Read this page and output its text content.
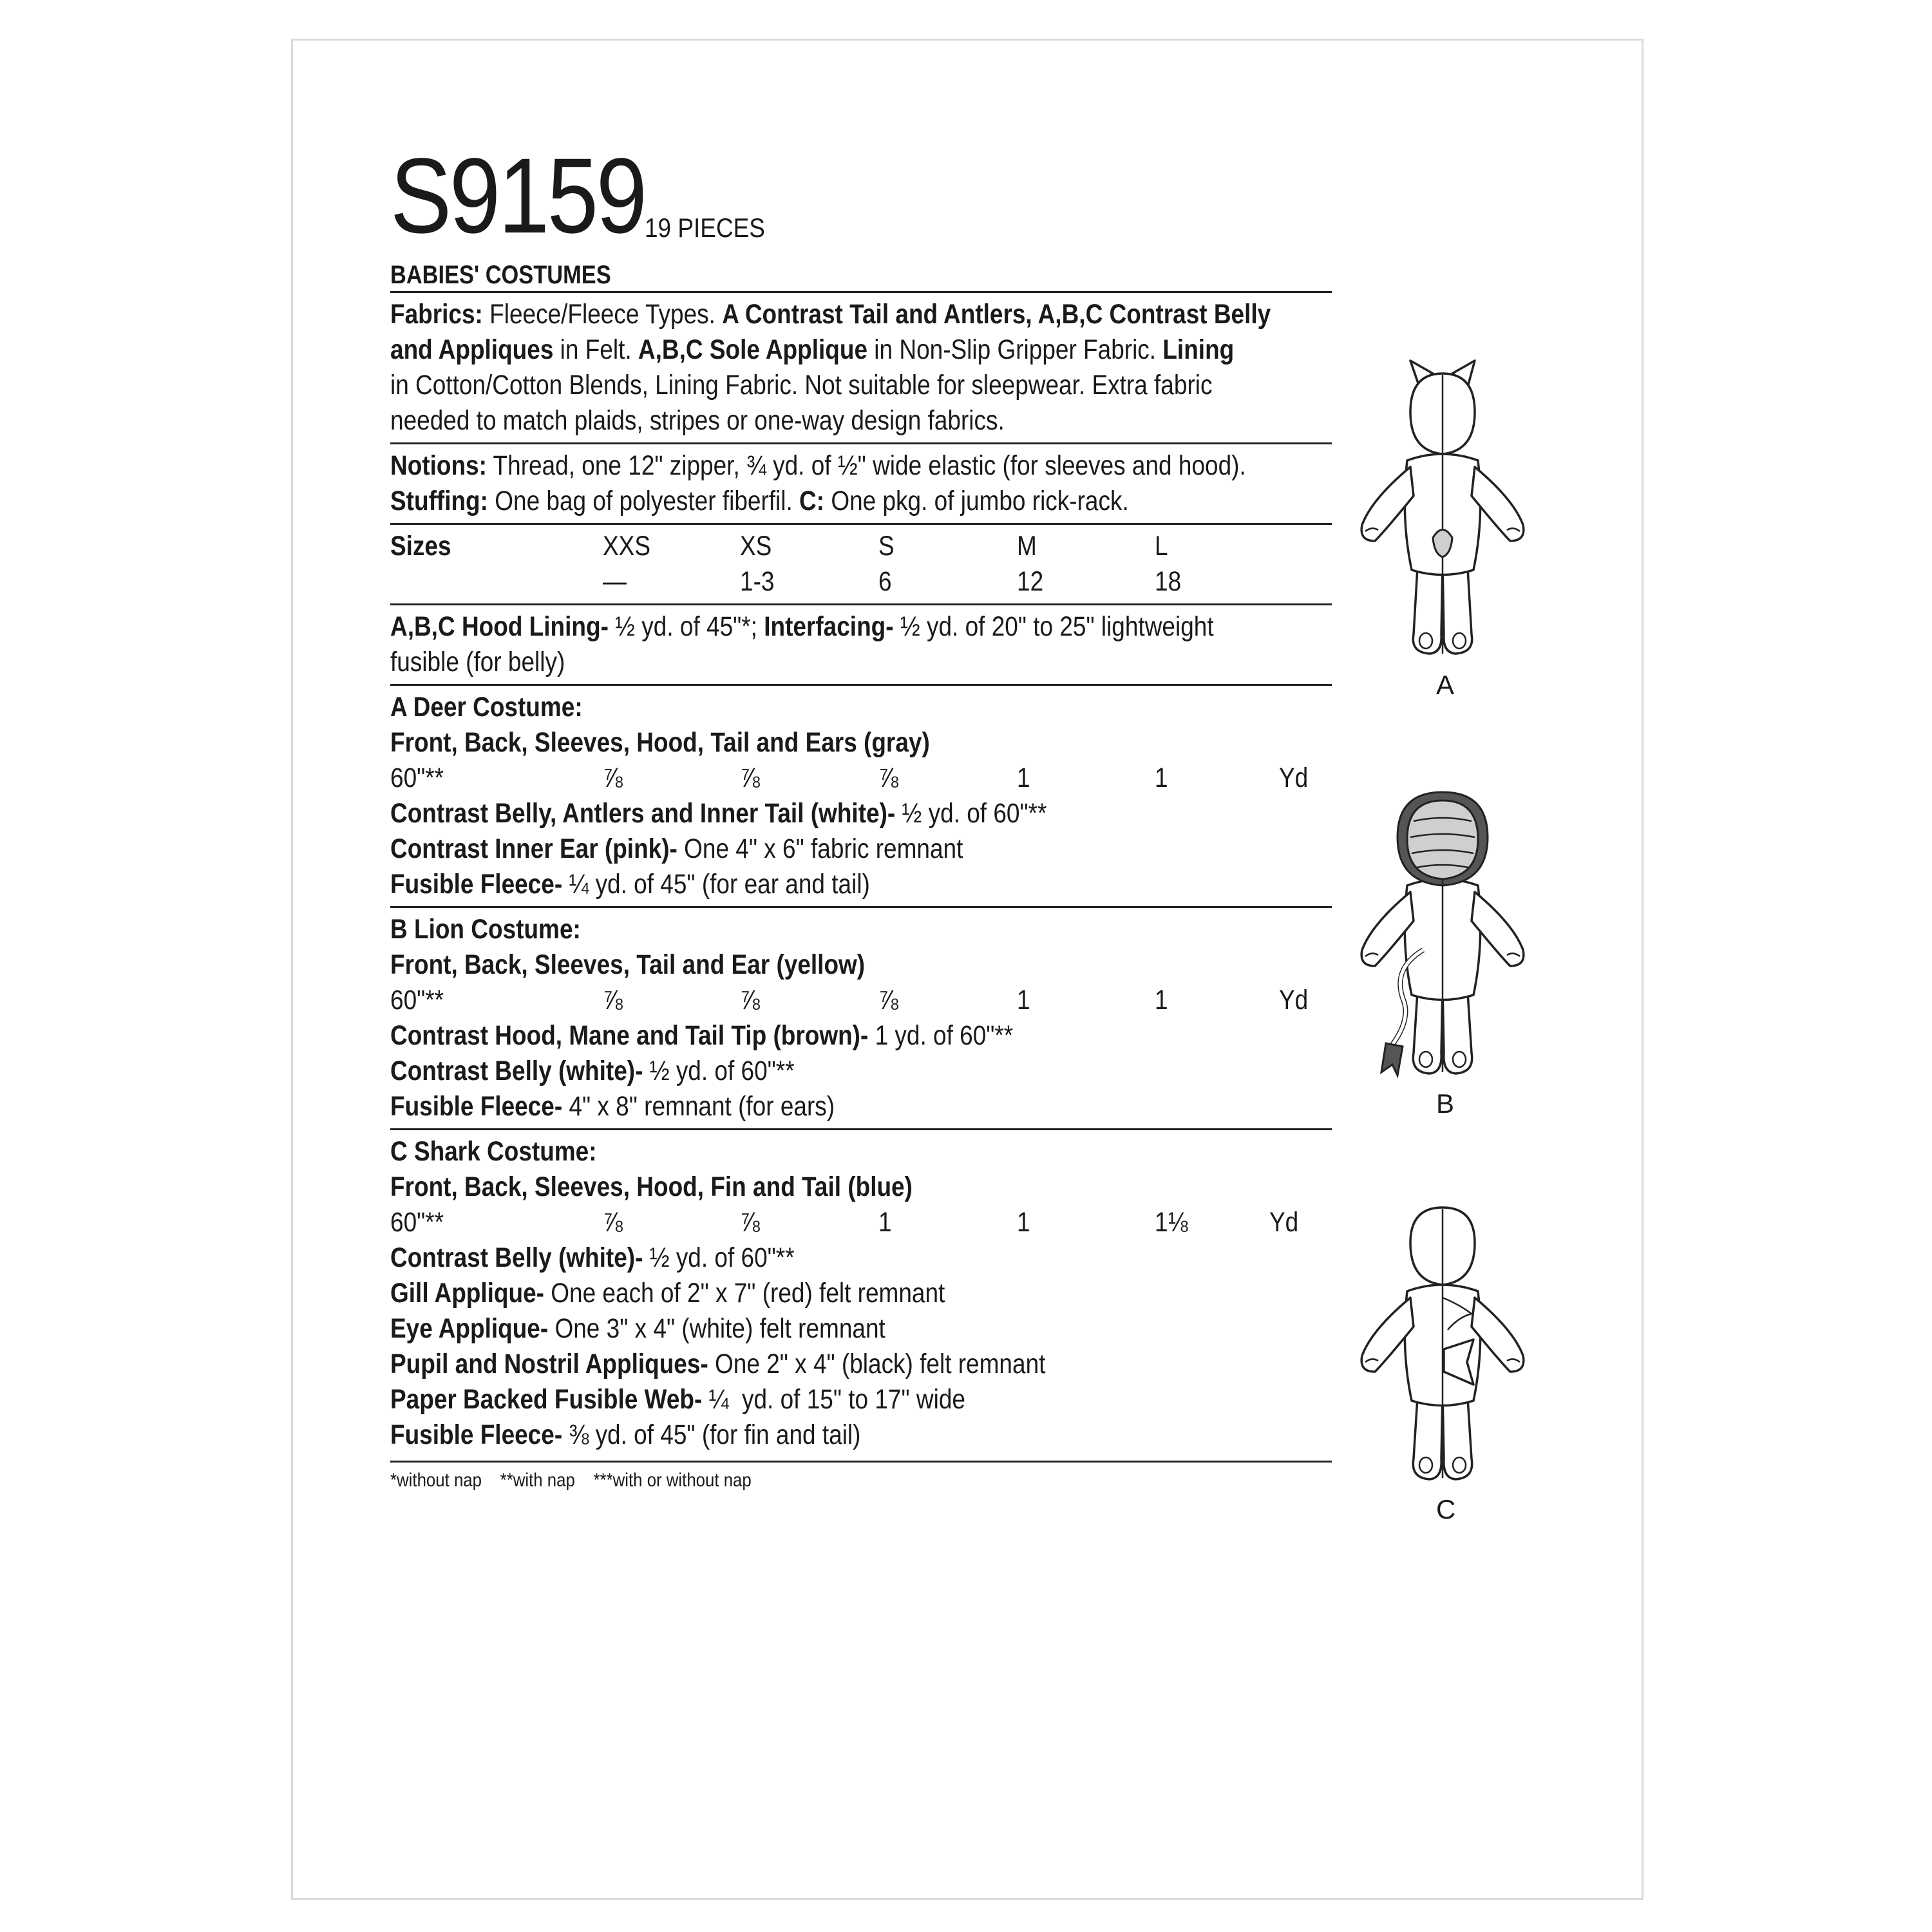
S9159 19 PIECES
BABIES' COSTUMES
Fabrics: Fleece/Fleece Types. A Contrast Tail and Antlers, A,B,C Contrast Belly
and Appliques in Felt. A,B,C Sole Applique in Non-Slip Gripper Fabric. Lining
in Cotton/Cotton Blends, Lining Fabric. Not suitable for sleepwear. Extra fabric
needed to match plaids, stripes or one-way design fabrics.
Notions: Thread, one 12" zipper, ¾ yd. of ½" wide elastic (for sleeves and hood).
Stuffing: One bag of polyester fiberfil. C: One pkg. of jumbo rick-rack.
Sizes	XXS	XS	S	M	L
—	1-3	6	12	18
A,B,C Hood Lining- ½ yd. of 45"*; Interfacing- ½ yd. of 20" to 25" lightweight
fusible (for belly)
A Deer Costume:
Front, Back, Sleeves, Hood, Tail and Ears (gray)
60"**	⅞	⅞	⅞	1	1	Yd
Contrast Belly, Antlers and Inner Tail (white)- ½ yd. of 60"**
Contrast Inner Ear (pink)- One 4" x 6" fabric remnant
Fusible Fleece- ¼ yd. of 45" (for ear and tail)
B Lion Costume:
Front, Back, Sleeves, Tail and Ear (yellow)
60"**	⅞	⅞	⅞	1	1	Yd
Contrast Hood, Mane and Tail Tip (brown)- 1 yd. of 60"**
Contrast Belly (white)- ½ yd. of 60"**
Fusible Fleece- 4" x 8" remnant (for ears)
C Shark Costume:
Front, Back, Sleeves, Hood, Fin and Tail (blue)
60"**	⅞	⅞	1	1	1⅛	Yd
Contrast Belly (white)- ½ yd. of 60"**
Gill Applique- One each of 2" x 7" (red) felt remnant
Eye Applique- One 3" x 4" (white) felt remnant
Pupil and Nostril Appliques- One 2" x 4" (black) felt remnant
Paper Backed Fusible Web- ¼  yd. of 15" to 17" wide
Fusible Fleece- ⅜ yd. of 45" (for fin and tail)
*without nap    **with nap    ***with or without nap
A
B
C
